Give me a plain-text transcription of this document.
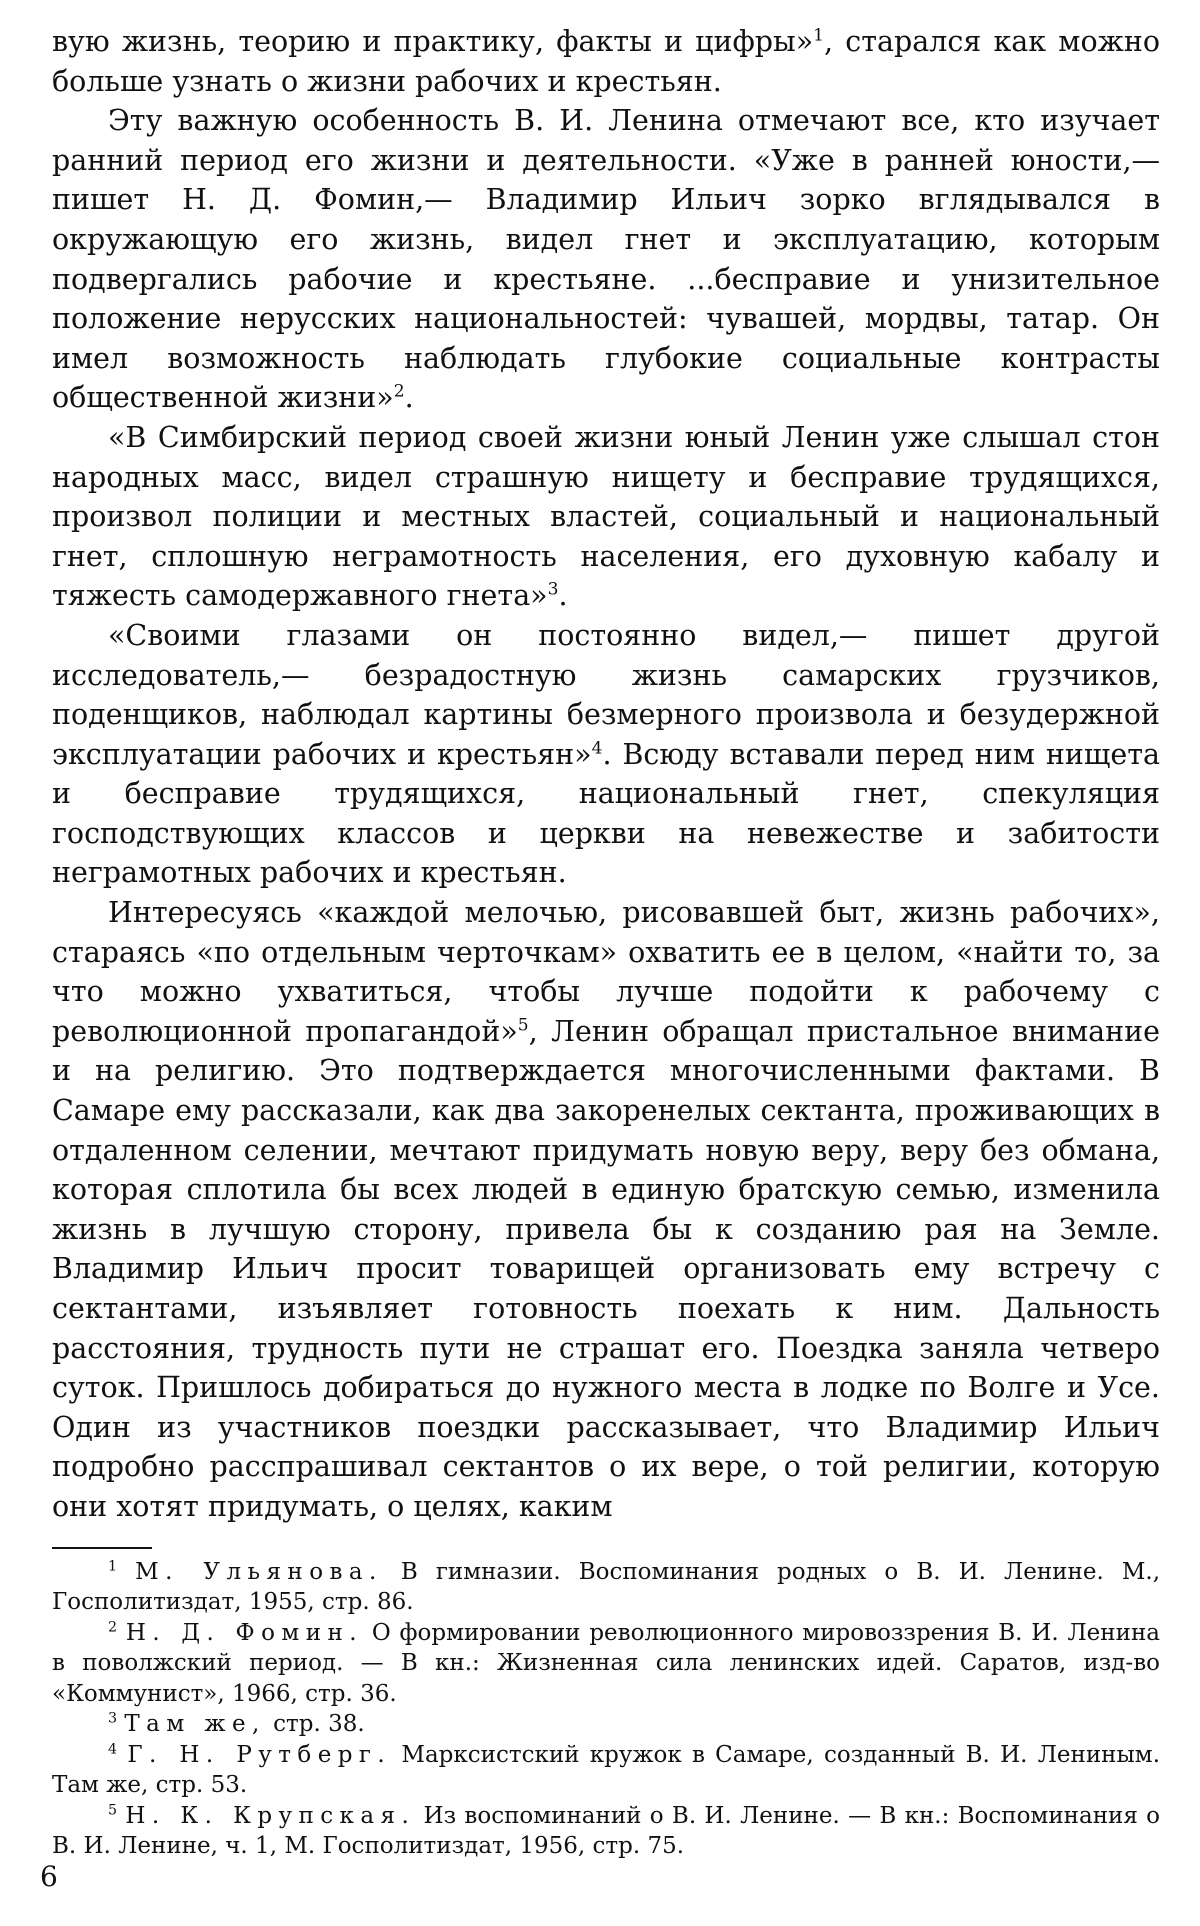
вую жизнь, теорию и практику, факты и цифры»$^1$, старался как можно больше узнать о жизни рабочих и крестьян.

Эту важную особенность В. И. Ленина отмечают все, кто изучает ранний период его жизни и деятельности. «Уже в ранней юности,— пишет Н. Д. Фомин,— Владимир Ильич зорко вглядывался в окружающую его жизнь, видел гнет и эксплуатацию, которым подвергались рабочие и крестьяне. ...бесправие и унизительное положение нерусских национальностей: чувашей, мордвы, татар. Он имел возможность наблюдать глубокие социальные контрасты общественной жизни»$^2$.

«В Симбирский период своей жизни юный Ленин уже слышал стон народных масс, видел страшную нищету и бесправие трудящихся, произвол полиции и местных властей, социальный и национальный гнет, сплошную неграмотность населения, его духовную кабалу и тяжесть самодержавного гнета»$^3$.

«Своими глазами он постоянно видел,— пишет другой исследователь,— безрадостную жизнь самарских грузчиков, поденщиков, наблюдал картины безмерного произвола и безудержной эксплуатации рабочих и крестьян»$^4$. Всюду вставали перед ним нищета и бесправие трудящихся, национальный гнет, спекуляция господствующих классов и церкви на невежестве и забитости неграмотных рабочих и крестьян.

Интересуясь «каждой мелочью, рисовавшей быт, жизнь рабочих», стараясь «по отдельным черточкам» охватить ее в целом, «найти то, за что можно ухватиться, чтобы лучше подойти к рабочему с революционной пропагандой»$^5$, Ленин обращал пристальное внимание и на религию. Это подтверждается многочисленными фактами. В Самаре ему рассказали, как два закоренелых сектанта, проживающих в отдаленном селении, мечтают придумать новую веру, веру без обмана, которая сплотила бы всех людей в единую братскую семью, изменила жизнь в лучшую сторону, привела бы к созданию рая на Земле. Владимир Ильич просит товарищей организовать ему встречу с сектантами, изъявляет готовность поехать к ним. Дальность расстояния, трудность пути не страшат его. Поездка заняла четверо суток. Пришлось добираться до нужного места в лодке по Волге и Усе. Один из участников поездки рассказывает, что Владимир Ильич подробно расспрашивал сектантов о их вере, о той религии, которую они хотят придумать, о целях, каким

$^1$ М. Ульянова. В гимназии. Воспоминания родных о В. И. Ленине. М., Госполитиздат, 1955, стр. 86.

$^2$ Н. Д. Фомин. О формировании революционного мировоззрения В. И. Ленина в поволжский период. — В кн.: Жизненная сила ленинских идей. Саратов, изд-во «Коммунист», 1966, стр. 36.

$^3$ Там же, стр. 38.

$^4$ Г. Н. Рутберг. Марксистский кружок в Самаре, созданный В. И. Лениным. Там же, стр. 53.

$^5$ Н. К. Крупская. Из воспоминаний о В. И. Ленине. — В кн.: Воспоминания о В. И. Ленине, ч. 1, М. Госполитиздат, 1956, стр. 75.

6
